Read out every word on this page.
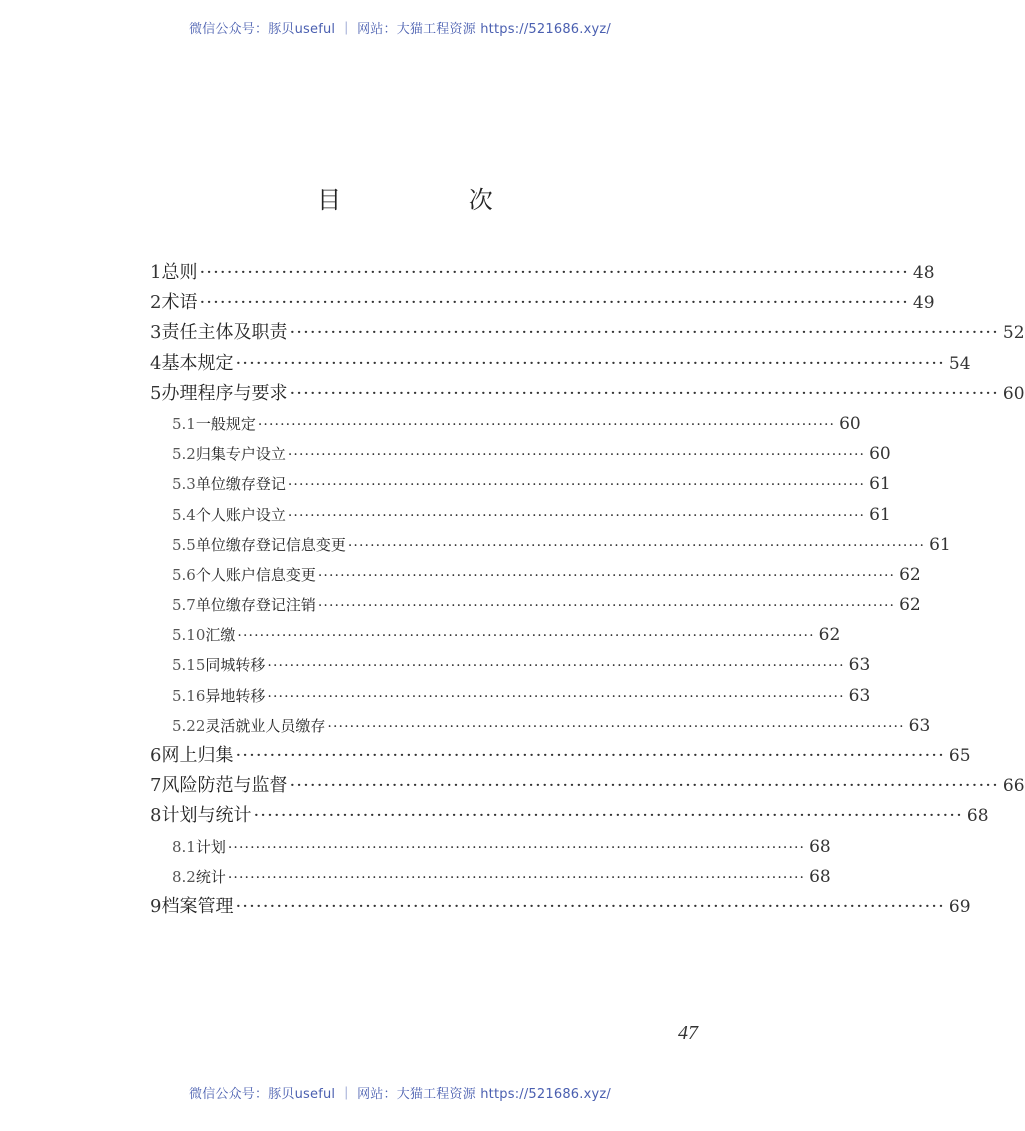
微信公众号：豚贝useful ｜ 网站：大猫工程资源 https://521686.xyz/
目 次
1 总则 ········································································································ 48
2 术语 ········································································································ 49
3 责任主体及职责 ········································································································ 52
4 基本规定 ········································································································ 54
5 办理程序与要求 ········································································································ 60
5.1 一般规定 ········································································································ 60
5.2 归集专户设立 ········································································································ 60
5.3 单位缴存登记 ········································································································ 61
5.4 个人账户设立 ········································································································ 61
5.5 单位缴存登记信息变更 ········································································································ 61
5.6 个人账户信息变更 ········································································································ 62
5.7 单位缴存登记注销 ········································································································ 62
5.10 汇缴 ········································································································ 62
5.15 同城转移 ········································································································ 63
5.16 异地转移 ········································································································ 63
5.22 灵活就业人员缴存 ········································································································ 63
6 网上归集 ········································································································ 65
7 风险防范与监督 ········································································································ 66
8 计划与统计 ········································································································ 68
8.1 计划 ········································································································ 68
8.2 统计 ········································································································ 68
9 档案管理 ········································································································ 69
47
微信公众号：豚贝useful ｜ 网站：大猫工程资源 https://521686.xyz/
